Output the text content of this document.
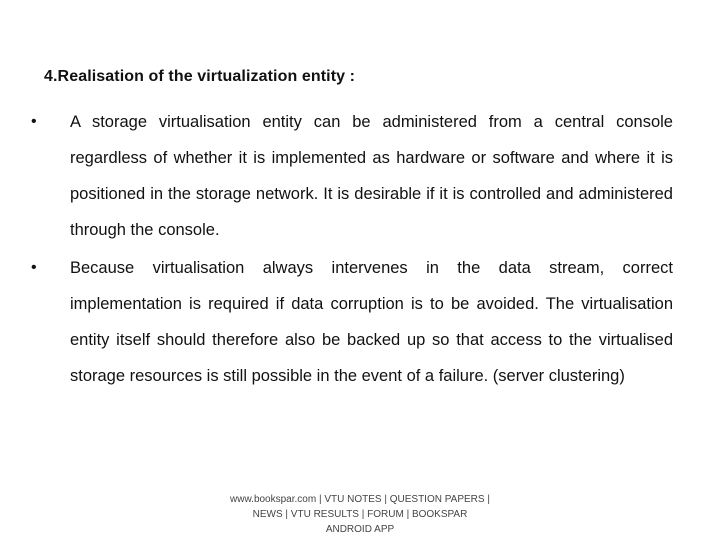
4.Realisation of the virtualization entity :
•	A storage virtualisation entity can be administered from a central console regardless of whether it is implemented as hardware or software and where it is positioned in the storage network. It is desirable if it is controlled and administered through the console.
•	Because virtualisation always intervenes in the data stream, correct implementation is required if data corruption is to be avoided. The virtualisation entity itself should therefore also be backed up so that access to the virtualised storage resources is still possible in the event of a failure. (server clustering)
www.bookspar.com | VTU NOTES | QUESTION PAPERS | NEWS | VTU RESULTS | FORUM | BOOKSPAR ANDROID APP
